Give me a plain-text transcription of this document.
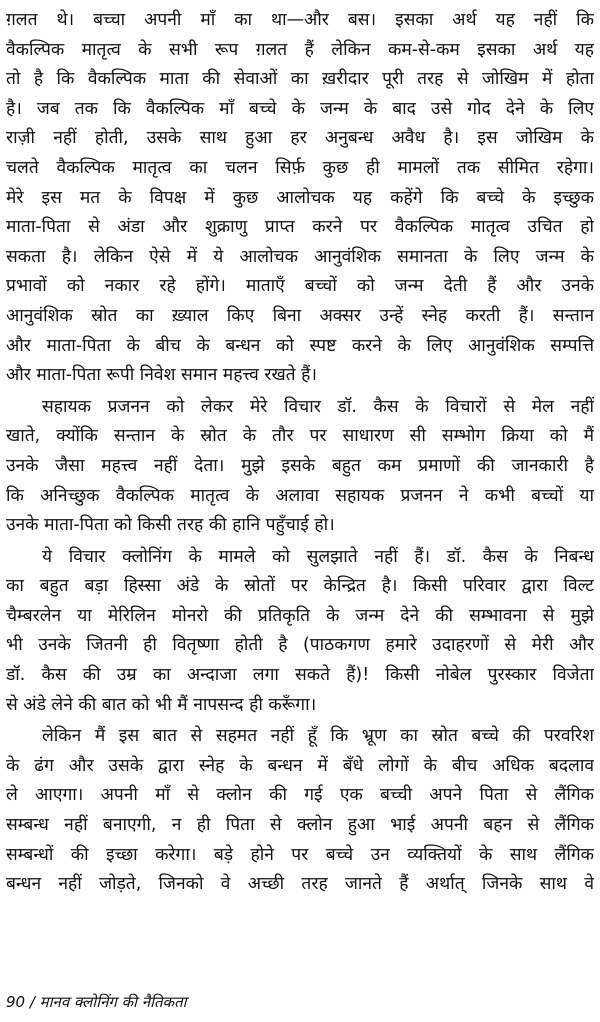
ग़लत थे। बच्चा अपनी माँ का था—और बस। इसका अर्थ यह नहीं कि
वैकल्पिक मातृत्व के सभी रूप ग़लत हैं लेकिन कम-से-कम इसका अर्थ यह
तो है कि वैकल्पिक माता की सेवाओं का ख़रीदार पूरी तरह से जोखिम में होता
है। जब तक कि वैकल्पिक माँ बच्चे के जन्म के बाद उसे गोद देने के लिए
राज़ी नहीं होती, उसके साथ हुआ हर अनुबन्ध अवैध है। इस जोखिम के
चलते वैकल्पिक मातृत्व का चलन सिर्फ़ कुछ ही मामलों तक सीमित रहेगा।
मेरे इस मत के विपक्ष में कुछ आलोचक यह कहेंगे कि बच्चे के इच्छुक
माता-पिता से अंडा और शुक्राणु प्राप्त करने पर वैकल्पिक मातृत्व उचित हो
सकता है। लेकिन ऐसे में ये आलोचक आनुवंशिक समानता के लिए जन्म के
प्रभावों को नकार रहे होंगे। माताएँ बच्चों को जन्म देती हैं और उनके
आनुवंशिक स्रोत का ख़्याल किए बिना अक्सर उन्हें स्नेह करती हैं। सन्तान
और माता-पिता के बीच के बन्धन को स्पष्ट करने के लिए आनुवंशिक सम्पत्ति
और माता-पिता रूपी निवेश समान महत्त्व रखते हैं।

सहायक प्रजनन को लेकर मेरे विचार डॉ. कैस के विचारों से मेल नहीं
खाते, क्योंकि सन्तान के स्रोत के तौर पर साधारण सी सम्भोग क्रिया को मैं
उनके जैसा महत्त्व नहीं देता। मुझे इसके बहुत कम प्रमाणों की जानकारी है
कि अनिच्छुक वैकल्पिक मातृत्व के अलावा सहायक प्रजनन ने कभी बच्चों या
उनके माता-पिता को किसी तरह की हानि पहुँचाई हो।

ये विचार क्लोनिंग के मामले को सुलझाते नहीं हैं। डॉ. कैस के निबन्ध
का बहुत बड़ा हिस्सा अंडे के स्रोतों पर केन्द्रित है। किसी परिवार द्वारा विल्ट
चैम्बरलेन या मेरिलिन मोनरो की प्रतिकृति के जन्म देने की सम्भावना से मुझे
भी उनके जितनी ही वितृष्णा होती है (पाठकगण हमारे उदाहरणों से मेरी और
डॉ. कैस की उम्र का अन्दाजा लगा सकते हैं)! किसी नोबेल पुरस्कार विजेता
से अंडे लेने की बात को भी मैं नापसन्द ही करूँगा।

लेकिन मैं इस बात से सहमत नहीं हूँ कि भ्रूण का स्रोत बच्चे की परवरिश
के ढंग और उसके द्वारा स्नेह के बन्धन में बँधे लोगों के बीच अधिक बदलाव
ले आएगा। अपनी माँ से क्लोन की गई एक बच्ची अपने पिता से लैंगिक
सम्बन्ध नहीं बनाएगी, न ही पिता से क्लोन हुआ भाई अपनी बहन से लैंगिक
सम्बन्धों की इच्छा करेगा। बड़े होने पर बच्चे उन व्यक्तियों के साथ लैंगिक
बन्धन नहीं जोड़ते, जिनको वे अच्छी तरह जानते हैं अर्थात् जिनके साथ वे

90 / मानव क्लोनिंग की नैतिकता
